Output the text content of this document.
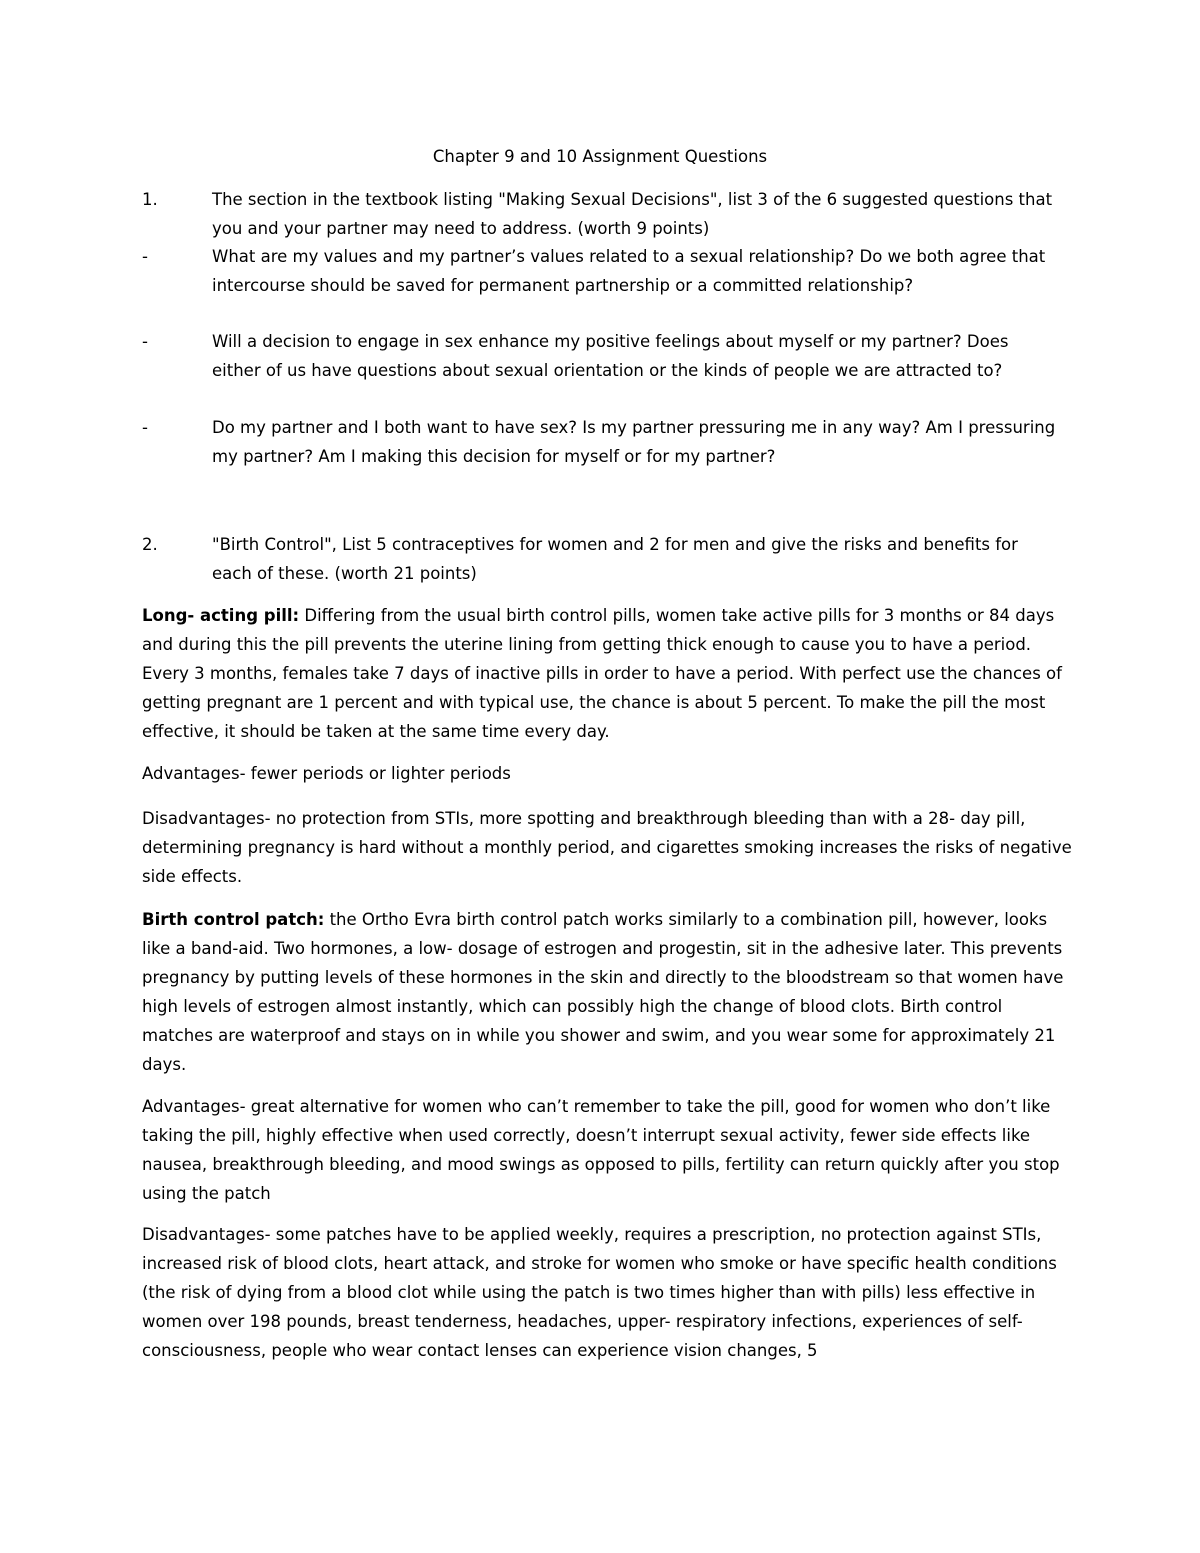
Chapter 9 and 10 Assignment Questions

1.	The section in the textbook listing "Making Sexual Decisions", list 3 of the 6 suggested questions that you and your partner may need to address. (worth 9 points)
-	What are my values and my partner’s values related to a sexual relationship? Do we both agree that intercourse should be saved for permanent partnership or a committed relationship?
-	Will a decision to engage in sex enhance my positive feelings about myself or my partner? Does either of us have questions about sexual orientation or the kinds of people we are attracted to?
-	Do my partner and I both want to have sex? Is my partner pressuring me in any way? Am I pressuring my partner? Am I making this decision for myself or for my partner?
2.	"Birth Control", List 5 contraceptives for women and 2 for men and give the risks and benefits for each of these. (worth 21 points)

Long- acting pill: Differing from the usual birth control pills, women take active pills for 3 months or 84 days and during this the pill prevents the uterine lining from getting thick enough to cause you to have a period. Every 3 months, females take 7 days of inactive pills in order to have a period. With perfect use the chances of getting pregnant are 1 percent and with typical use, the chance is about 5 percent. To make the pill the most effective, it should be taken at the same time every day.

Advantages- fewer periods or lighter periods

Disadvantages- no protection from STIs, more spotting and breakthrough bleeding than with a 28- day pill, determining pregnancy is hard without a monthly period, and cigarettes smoking increases the risks of negative side effects.

Birth control patch: the Ortho Evra birth control patch works similarly to a combination pill, however, looks like a band-aid. Two hormones, a low- dosage of estrogen and progestin, sit in the adhesive later. This prevents pregnancy by putting levels of these hormones in the skin and directly to the bloodstream so that women have high levels of estrogen almost instantly, which can possibly high the change of blood clots. Birth control matches are waterproof and stays on in while you shower and swim, and you wear some for approximately 21 days.

Advantages- great alternative for women who can’t remember to take the pill, good for women who don’t like taking the pill, highly effective when used correctly, doesn’t interrupt sexual activity, fewer side effects like nausea, breakthrough bleeding, and mood swings as opposed to pills, fertility can return quickly after you stop using the patch

Disadvantages- some patches have to be applied weekly, requires a prescription, no protection against STIs, increased risk of blood clots, heart attack, and stroke for women who smoke or have specific health conditions (the risk of dying from a blood clot while using the patch is two times higher than with pills) less effective in women over 198 pounds, breast tenderness, headaches, upper- respiratory infections, experiences of self-consciousness, people who wear contact lenses can experience vision changes, 5
